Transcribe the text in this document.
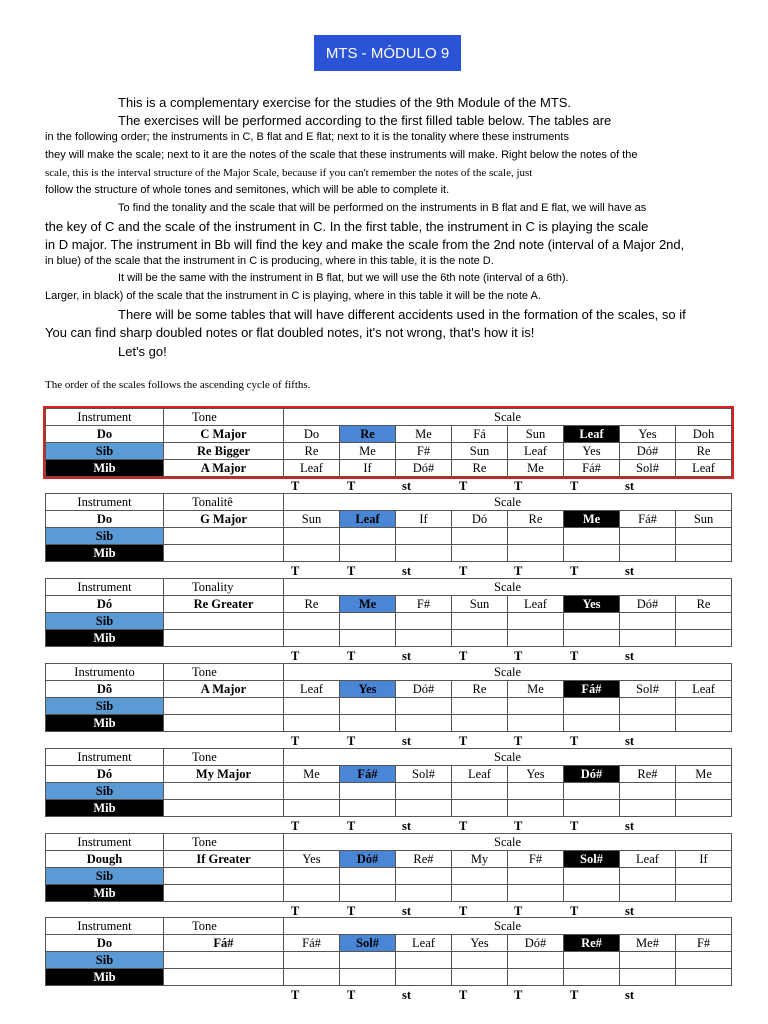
MTS - MÓDULO 9
This is a complementary exercise for the studies of the 9th Module of the MTS.
The exercises will be performed according to the first filled table below. The tables are
in the following order; the instruments in C, B flat and E flat; next to it is the tonality where these instruments
they will make the scale; next to it are the notes of the scale that these instruments will make. Right below the notes of the
scale, this is the interval structure of the Major Scale, because if you can't remember the notes of the scale, just
follow the structure of whole tones and semitones, which will be able to complete it.
To find the tonality and the scale that will be performed on the instruments in B flat and E flat, we will have as
the key of C and the scale of the instrument in C. In the first table, the instrument in C is playing the scale
in D major. The instrument in Bb will find the key and make the scale from the 2nd note (interval of a Major 2nd,
in blue) of the scale that the instrument in C is producing, where in this table, it is the note D.
It will be the same with the instrument in B flat, but we will use the 6th note (interval of a 6th).
Larger, in black) of the scale that the instrument in C is playing, where in this table it will be the note A.
There will be some tables that will have different accidents used in the formation of the scales, so if
You can find sharp doubled notes or flat doubled notes, it's not wrong, that's how it is!
Let's go!
The order of the scales follows the ascending cycle of fifths.
Instrument	Tone	Scale							
Do	C Major	Do	Re	Me	Fá	Sun	Leaf	Yes	Doh
Sib	Re Bigger	Re	Me	F#	Sun	Leaf	Yes	Dó#	Re
Mib	A Major	Leaf	If	Dó#	Re	Me	Fá#	Sol#	Leaf
T	T	st	T	T	T	st
Instrument	Tonalitê	Scale							
Do	G Major	Sun	Leaf	If	Dó	Re	Me	Fá#	Sun
Sib									
Mib									
T	T	st	T	T	T	st
Instrument	Tonality	Scale							
Dó	Re Greater	Re	Me	F#	Sun	Leaf	Yes	Dó#	Re
Sib									
Mib									
T	T	st	T	T	T	st
Instrumento	Tone	Scale							
Dõ	A Major	Leaf	Yes	Dó#	Re	Me	Fá#	Sol#	Leaf
Sib									
Mib									
T	T	st	T	T	T	st
Instrument	Tone	Scale							
Dó	My Major	Me	Fá#	Sol#	Leaf	Yes	Dó#	Re#	Me
Sib									
Mib									
T	T	st	T	T	T	st
Instrument	Tone	Scale							
Dough	If Greater	Yes	Dó#	Re#	My	F#	Sol#	Leaf	If
Sib									
Mib									
T	T	st	T	T	T	st
Instrument	Tone	Scale							
Do	Fá#	Fá#	Sol#	Leaf	Yes	Dó#	Re#	Me#	F#
Sib									
Mib									
T	T	st	T	T	T	st
